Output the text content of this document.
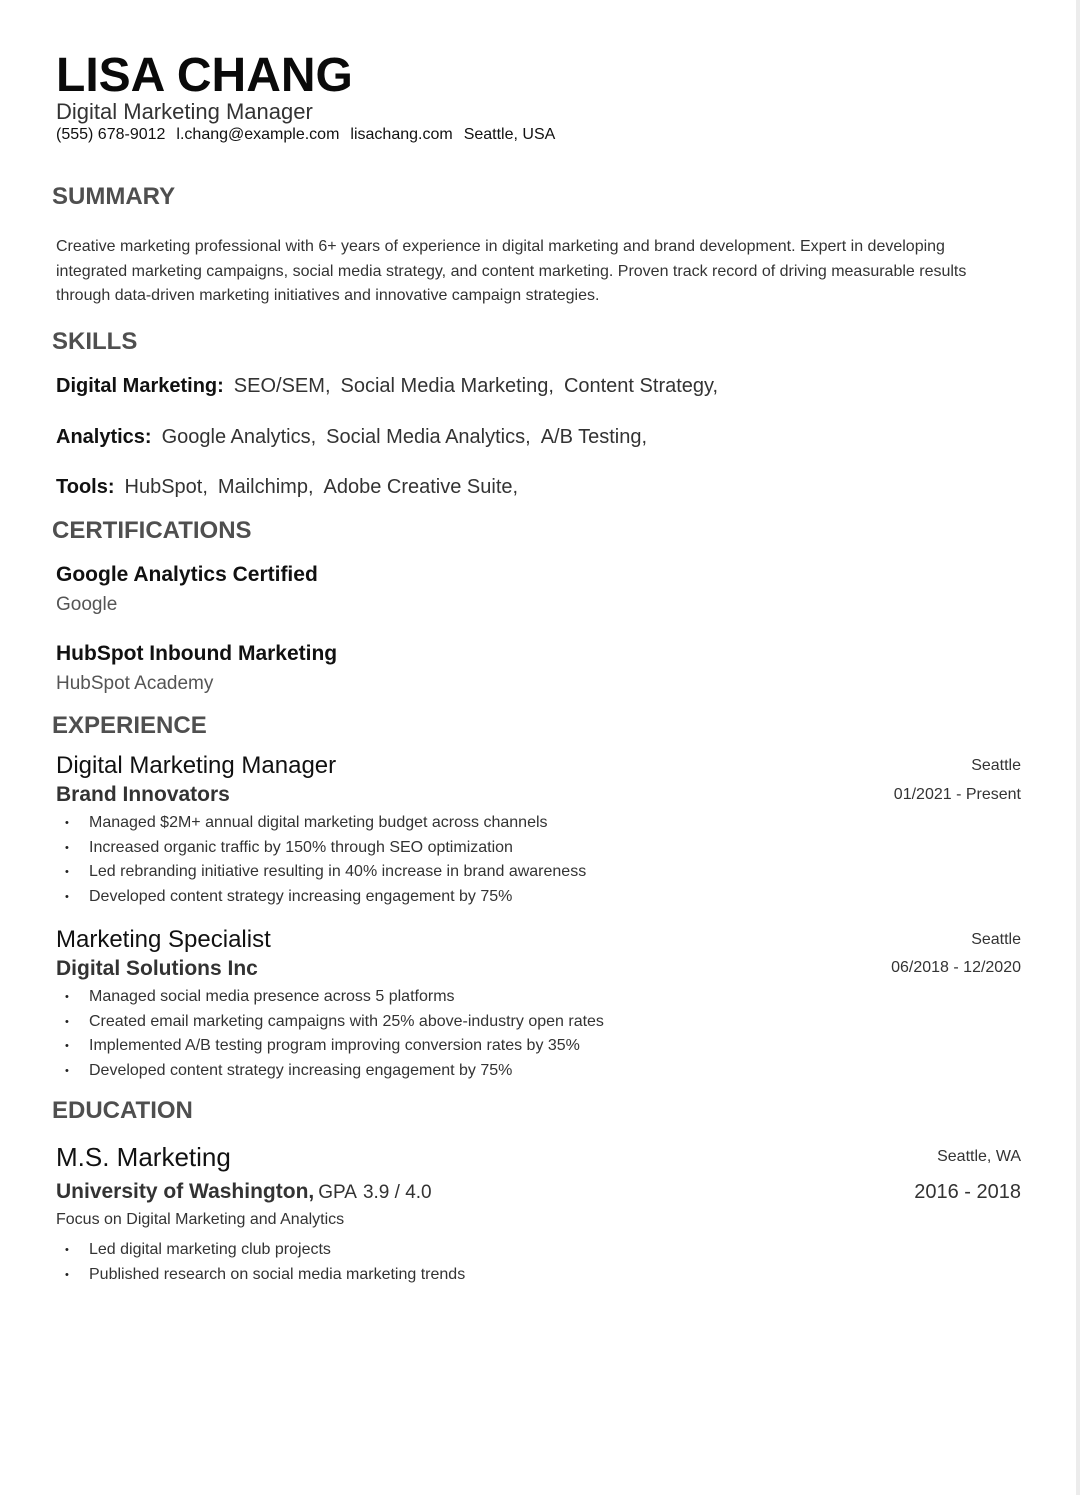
LISA CHANG
Digital Marketing Manager
(555) 678-9012 l.chang@example.com lisachang.com Seattle, USA
SUMMARY
Creative marketing professional with 6+ years of experience in digital marketing and brand development. Expert in developing integrated marketing campaigns, social media strategy, and content marketing. Proven track record of driving measurable results through data-driven marketing initiatives and innovative campaign strategies.
SKILLS
Digital Marketing: SEO/SEM, Social Media Marketing, Content Strategy,
Analytics: Google Analytics, Social Media Analytics, A/B Testing,
Tools: HubSpot, Mailchimp, Adobe Creative Suite,
CERTIFICATIONS
Google Analytics Certified
Google
HubSpot Inbound Marketing
HubSpot Academy
EXPERIENCE
Digital Marketing Manager	Seattle
Brand Innovators	01/2021 - Present
• Managed $2M+ annual digital marketing budget across channels
• Increased organic traffic by 150% through SEO optimization
• Led rebranding initiative resulting in 40% increase in brand awareness
• Developed content strategy increasing engagement by 75%
Marketing Specialist	Seattle
Digital Solutions Inc	06/2018 - 12/2020
• Managed social media presence across 5 platforms
• Created email marketing campaigns with 25% above-industry open rates
• Implemented A/B testing program improving conversion rates by 35%
• Developed content strategy increasing engagement by 75%
EDUCATION
M.S. Marketing	Seattle, WA
University of Washington, GPA 3.9 / 4.0	2016 - 2018
Focus on Digital Marketing and Analytics
• Led digital marketing club projects
• Published research on social media marketing trends
